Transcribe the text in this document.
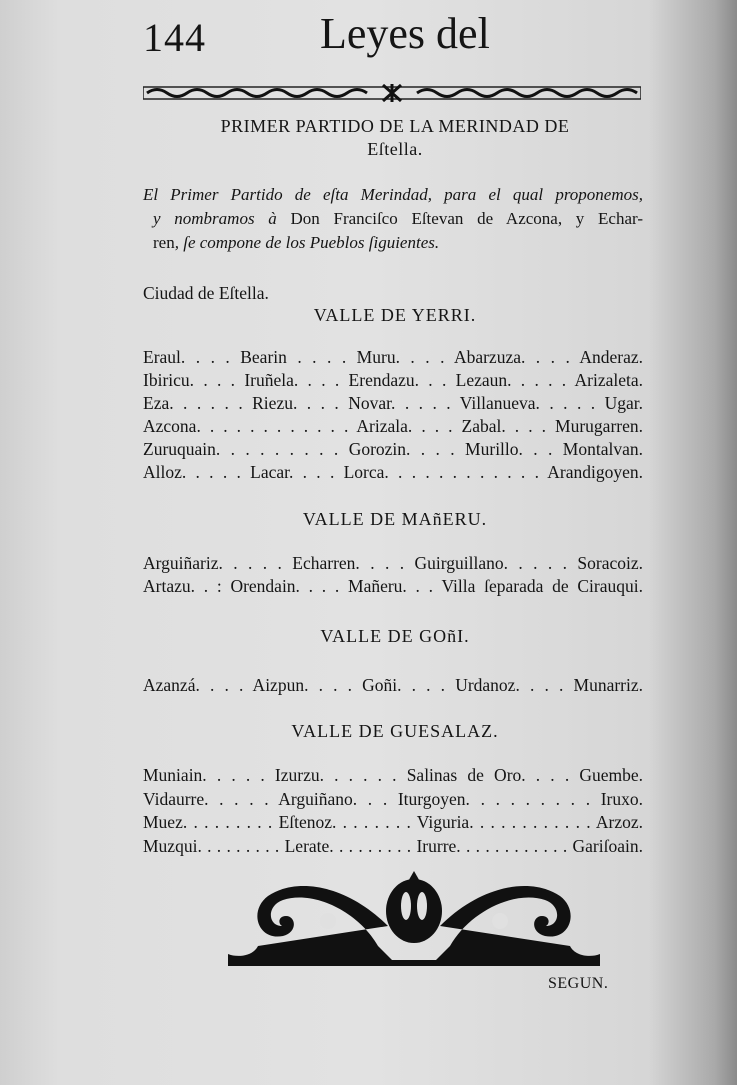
144	Leyes del
PRIMER PARTIDO DE LA MERINDAD DE
Eſtella.
El Primer Partido de eſta Merindad, para el qual proponemos,
y nombramos à Don Franciſco Eſtevan de Azcona, y Echar-
ren, ſe compone de los Pueblos ſiguientes.
Ciudad de Eſtella.
VALLE DE YERRI.
Eraul. . . . Bearin . . . . Muru. . . . Abarzuza. . . . Anderaz.
Ibiricu. . . . Iruñela. . . . Erendazu. . . Lezaun. . . . . Arizaleta.
Eza. . . . . . Riezu. . . . Novar. . . . . Villanueva. . . . . Ugar.
Azcona. . . . . . . . . . . . Arizala. . . . Zabal. . . . Murugarren.
Zuruquain. . . . . . . . . Gorozin. . . . Murillo. . . Montalvan.
Alloz. . . . . Lacar. . . . Lorca. . . . . . . . . . . . Arandigoyen.
VALLE DE MAñERU.
Arguiñariz. . . . . Echarren. . . . Guirguillano. . . . . Soracoiz.
Artazu. . : Orendain. . . . Mañeru. . . Villa ſeparada de Cirauqui.
VALLE DE GOñI.
Azanzá. . . . Aizpun. . . . Goñi. . . . Urdanoz. . . . Munarriz.
VALLE DE GUESALAZ.
Muniain. . . . . Izurzu. . . . . . Salinas de Oro. . . . Guembe.
Vidaurre. . . . . Arguiñano. . . Iturgoyen. . . . . . . . . Iruxo.
Muez. . . . . . . . . Eſtenoz. . . . . . . . Viguria. . . . . . . . . . . . Arzoz.
Muzqui. . . . . . . . . Lerate. . . . . . . . . Irurre. . . . . . . . . . . . Gariſoain.
SEGUN.
